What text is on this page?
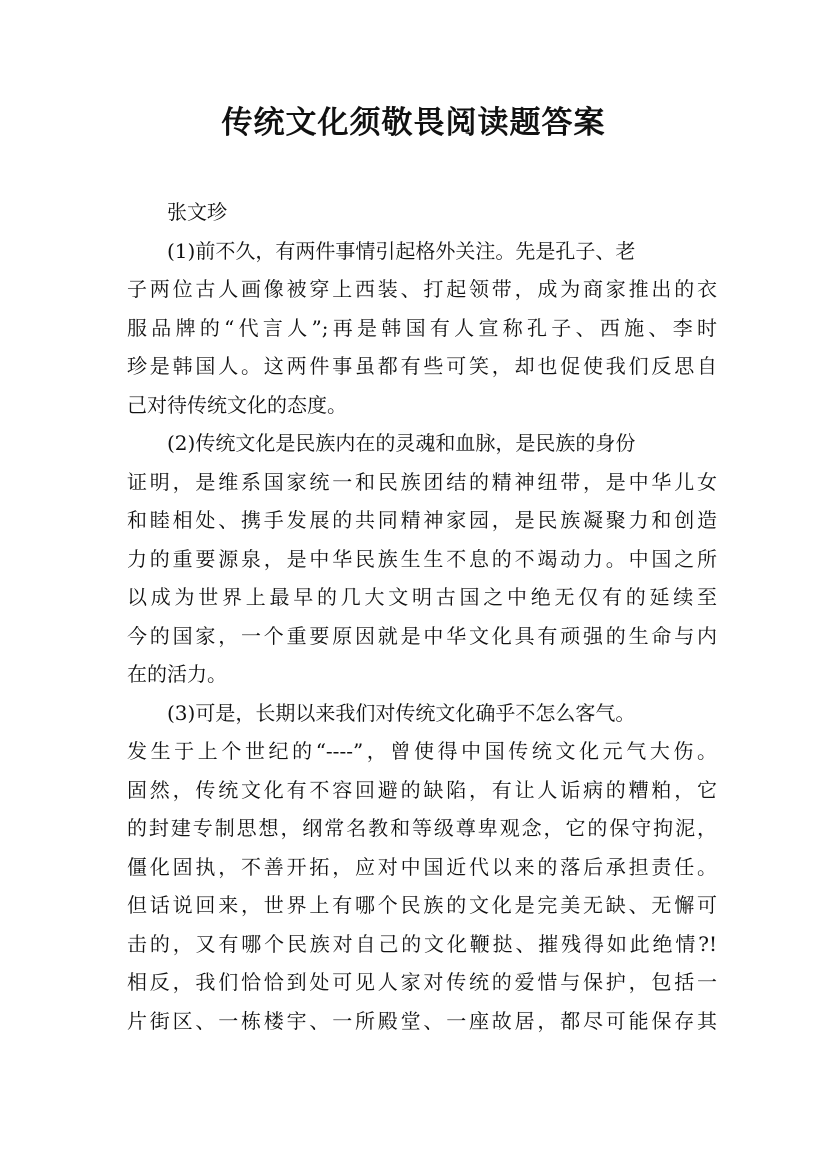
传统文化须敬畏阅读题答案
张文珍
(1)前不久，有两件事情引起格外关注。先是孔子、老
子两位古人画像被穿上西装、打起领带，成为商家推出的衣
服品牌的“代言人”;再是韩国有人宣称孔子、西施、李时
珍是韩国人。这两件事虽都有些可笑，却也促使我们反思自
己对待传统文化的态度。
(2)传统文化是民族内在的灵魂和血脉，是民族的身份
证明，是维系国家统一和民族团结的精神纽带，是中华儿女
和睦相处、携手发展的共同精神家园，是民族凝聚力和创造
力的重要源泉，是中华民族生生不息的不竭动力。中国之所
以成为世界上最早的几大文明古国之中绝无仅有的延续至
今的国家，一个重要原因就是中华文化具有顽强的生命与内
在的活力。
(3)可是，长期以来我们对传统文化确乎不怎么客气。
发生于上个世纪的“----”，曾使得中国传统文化元气大伤。
固然，传统文化有不容回避的缺陷，有让人诟病的糟粕，它
的封建专制思想，纲常名教和等级尊卑观念，它的保守拘泥，
僵化固执，不善开拓，应对中国近代以来的落后承担责任。
但话说回来，世界上有哪个民族的文化是完美无缺、无懈可
击的，又有哪个民族对自己的文化鞭挞、摧残得如此绝情?!
相反，我们恰恰到处可见人家对传统的爱惜与保护，包括一
片街区、一栋楼宇、一所殿堂、一座故居，都尽可能保存其
